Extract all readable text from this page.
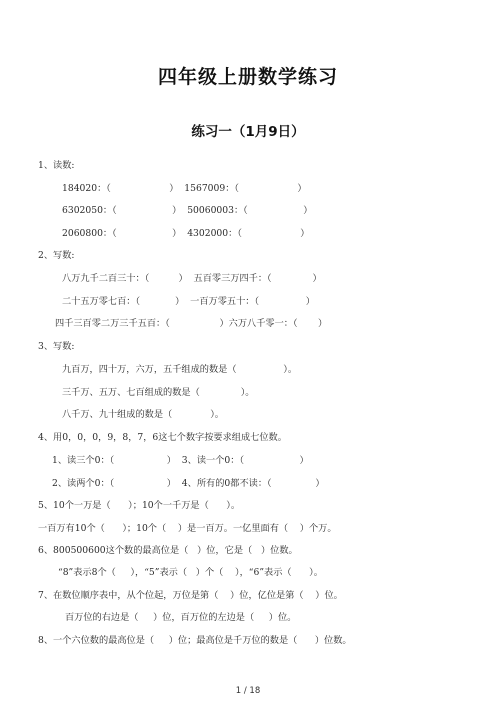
四年级上册数学练习
练习一（1月9日）
1、读数:
184020：（                    ）  1567009：（                    ）
6302050：（                   ）  50060003：（                   ）
2060800：（                   ）  4302000：（                    ）
2、写数:
八万九千二百三十：（          ）  五百零三万四千：（              ）
二十五万零七百：（            ）  一百万零五十：（                ）
四千三百零二万三千五百：（                 ）六万八千零一：（       ）
3、写数:
九百万，四十万，六万，五千组成的数是（                ）。
三千万、五万、七百组成的数是（              ）。
八千万、九十组成的数是（             ）。
4、用0，0，0，9，8，7，6这七个数字按要求组成七位数。
1、读三个0：（                  ）  3、读一个0：（                   ）
2、读两个0：（                  ）  4、所有的0都不读：（               ）
5、10个一万是（      ）；10个一千万是（      ）。
一百万有10个（      ）；10个（    ）是一百万。一亿里面有（    ）个万。
6、800500600这个数的最高位是（   ）位，它是（   ）位数。
“8”表示8个（     ），“5”表示（   ）个（    ），“6”表示（      ）。
7、在数位顺序表中，从个位起，万位是第（    ）位，亿位是第（    ）位。
百万位的右边是（     ）位，百万位的左边是（     ）位。
8、一个六位数的最高位是（     ）位；最高位是千万位的数是（      ）位数。
1 / 18
